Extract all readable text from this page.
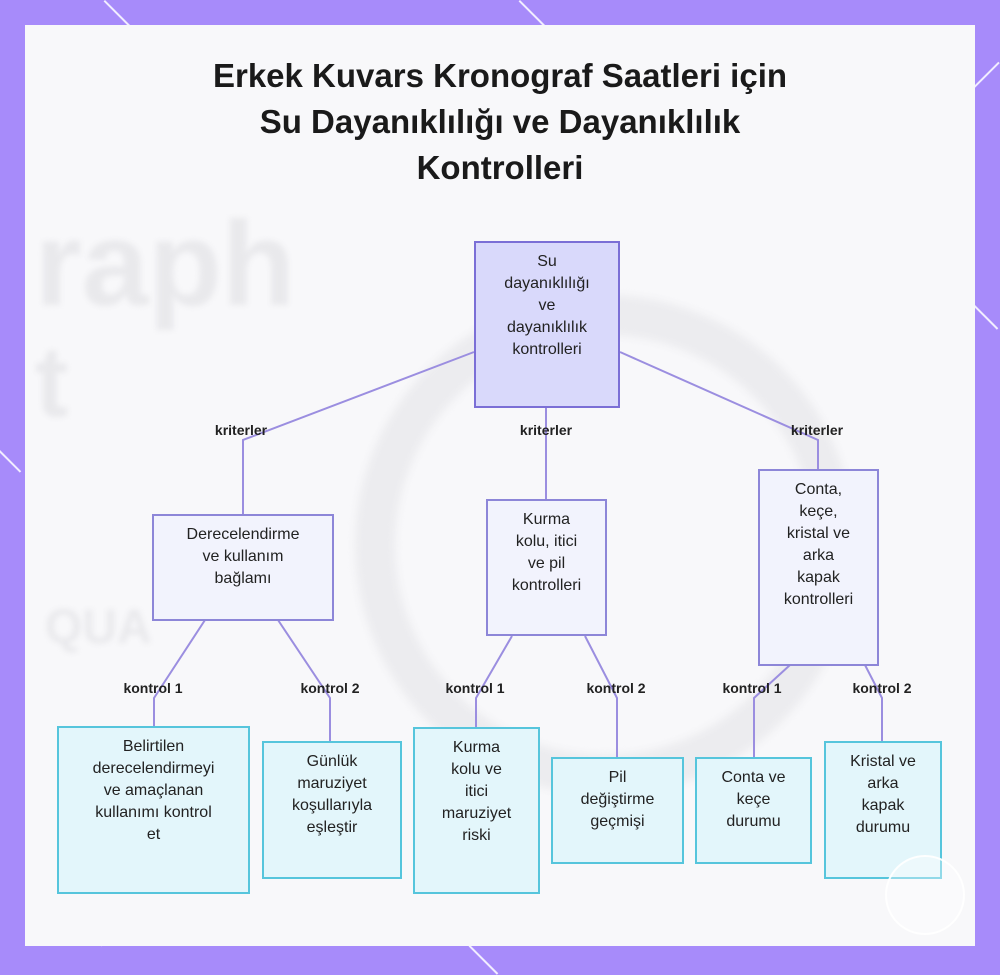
raph
t
QUA
Erkek Kuvars Kronograf Saatleri için
Su Dayanıklılığı ve Dayanıklılık
Kontrolleri
kriterler	kriterler	kriterler
kontrol 1	kontrol 2	kontrol 1	kontrol 2	kontrol 1	kontrol 2
Su
dayanıklılığı
ve
dayanıklılık
kontrolleri
Derecelendirme
ve kullanım
bağlamı
Kurma
kolu, itici
ve pil
kontrolleri
Conta,
keçe,
kristal ve
arka
kapak
kontrolleri
Belirtilen
derecelendirmeyi
ve amaçlanan
kullanımı kontrol
et
Günlük
maruziyet
koşullarıyla
eşleştir
Kurma
kolu ve
itici
maruziyet
riski
Pil
değiştirme
geçmişi
Conta ve
keçe
durumu
Kristal ve
arka
kapak
durumu
